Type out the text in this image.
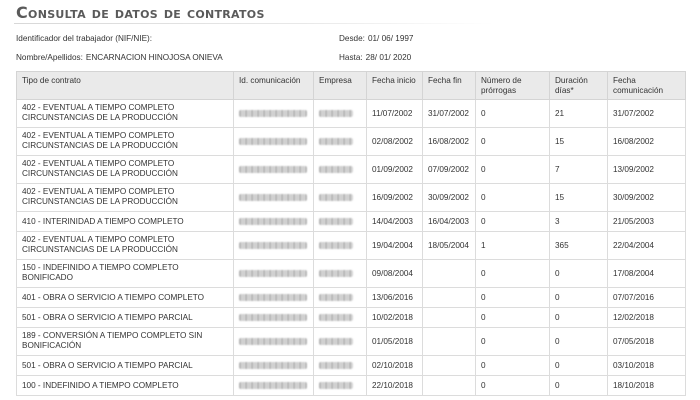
Consulta de datos de contratos
Identificador del trabajador (NIF/NIE):	Desde: 01/ 06/ 1997
Nombre/Apellidos: ENCARNACION HINOJOSA ONIEVA	Hasta: 28/ 01/ 2020
Tipo de contrato	Id. comunicación	Empresa	Fecha inicio	Fecha fin	Número de prórrogas	Duración días*	Fecha comunicación
402 - EVENTUAL A TIEMPO COMPLETO CIRCUNSTANCIAS DE LA PRODUCCIÓN			11/07/2002	31/07/2002	0	21	31/07/2002
402 - EVENTUAL A TIEMPO COMPLETO CIRCUNSTANCIAS DE LA PRODUCCIÓN			02/08/2002	16/08/2002	0	15	16/08/2002
402 - EVENTUAL A TIEMPO COMPLETO CIRCUNSTANCIAS DE LA PRODUCCIÓN			01/09/2002	07/09/2002	0	7	13/09/2002
402 - EVENTUAL A TIEMPO COMPLETO CIRCUNSTANCIAS DE LA PRODUCCIÓN			16/09/2002	30/09/2002	0	15	30/09/2002
410 - INTERINIDAD A TIEMPO COMPLETO			14/04/2003	16/04/2003	0	3	21/05/2003
402 - EVENTUAL A TIEMPO COMPLETO CIRCUNSTANCIAS DE LA PRODUCCIÓN			19/04/2004	18/05/2004	1	365	22/04/2004
150 - INDEFINIDO A TIEMPO COMPLETO BONIFICADO			09/08/2004		0	0	17/08/2004
401 - OBRA O SERVICIO A TIEMPO COMPLETO			13/06/2016		0	0	07/07/2016
501 - OBRA O SERVICIO A TIEMPO PARCIAL			10/02/2018		0	0	12/02/2018
189 - CONVERSIÓN A TIEMPO COMPLETO SIN BONIFICACIÓN			01/05/2018		0	0	07/05/2018
501 - OBRA O SERVICIO A TIEMPO PARCIAL			02/10/2018		0	0	03/10/2018
100 - INDEFINIDO A TIEMPO COMPLETO			22/10/2018		0	0	18/10/2018
